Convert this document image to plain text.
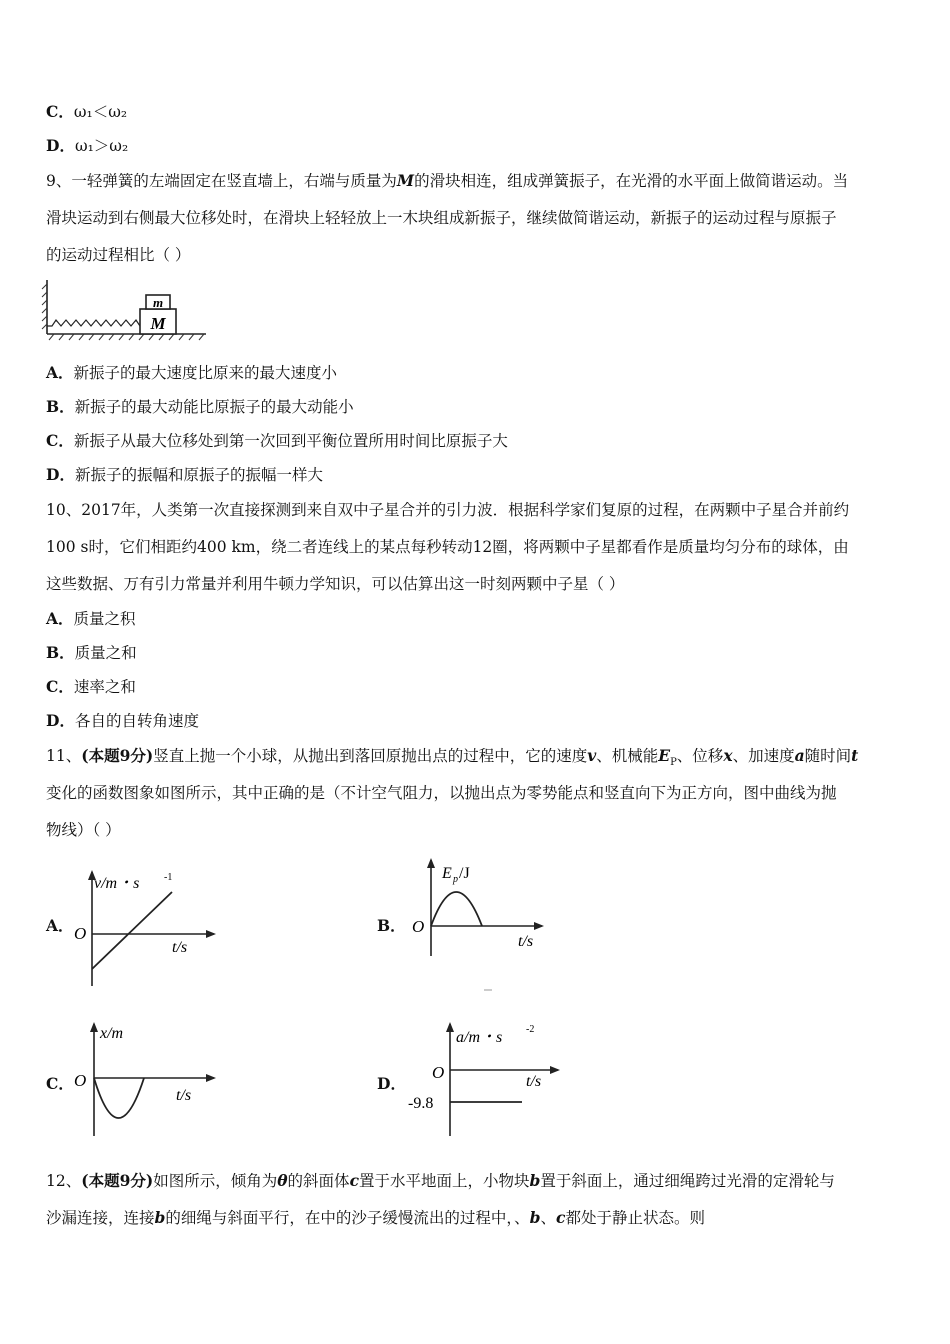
C．ω₁＜ω₂
D．ω₁＞ω₂
9、一轻弹簧的左端固定在竖直墙上，右端与质量为M的滑块相连，组成弹簧振子，在光滑的水平面上做简谐运动。当
滑块运动到右侧最大位移处时，在滑块上轻轻放上一木块组成新振子，继续做简谐运动，新振子的运动过程与原振子
的运动过程相比（ ）
M
m
A．新振子的最大速度比原来的最大速度小
B．新振子的最大动能比原振子的最大动能小
C．新振子从最大位移处到第一次回到平衡位置所用时间比原振子大
D．新振子的振幅和原振子的振幅一样大
10、2017年，人类第一次直接探测到来自双中子星合并的引力波．根据科学家们复原的过程，在两颗中子星合并前约
100 s时，它们相距约400 km，绕二者连线上的某点每秒转动12圈，将两颗中子星都看作是质量均匀分布的球体，由
这些数据、万有引力常量并利用牛顿力学知识，可以估算出这一时刻两颗中子星（ ）
A．质量之积
B．质量之和
C．速率之和
D．各自的自转角速度
11、(本题9分)竖直上抛一个小球，从抛出到落回原抛出点的过程中，它的速度v、机械能$E_P$、位移x、加速度a随时间t
变化的函数图象如图所示，其中正确的是（不计空气阻力，以抛出点为零势能点和竖直向下为正方向，图中曲线为抛
物线）（ ）
A．
v/m・s -1
O
t/s
B．
E p /J
O
t/s
C．
x/m
O
t/s
D．
a/m・s -2
O	t/s
-9.8
12、(本题9分)如图所示，倾角为θ的斜面体c置于水平地面上，小物块b置于斜面上，通过细绳跨过光滑的定滑轮与
沙漏连接，连接b的细绳与斜面平行，在中的沙子缓慢流出的过程中，、b、c都处于静止状态。则
